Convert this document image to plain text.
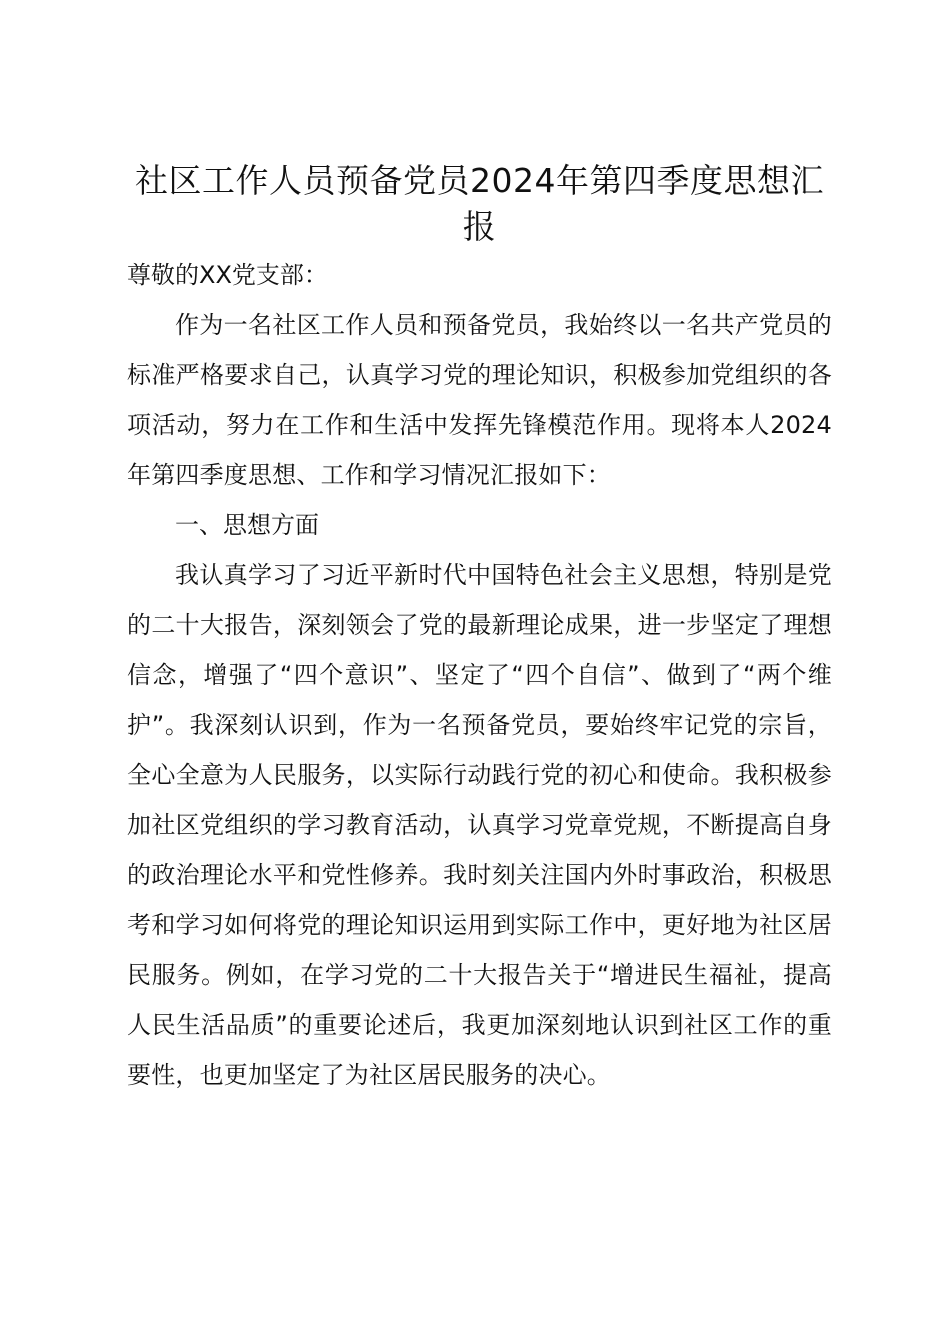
社区工作人员预备党员2024年第四季度思想汇报

尊敬的XX党支部：

作为一名社区工作人员和预备党员，我始终以一名共产党员的标准严格要求自己，认真学习党的理论知识，积极参加党组织的各项活动，努力在工作和生活中发挥先锋模范作用。现将本人2024年第四季度思想、工作和学习情况汇报如下：

一、思想方面

我认真学习了习近平新时代中国特色社会主义思想，特别是党的二十大报告，深刻领会了党的最新理论成果，进一步坚定了理想信念，增强了“四个意识”、坚定了“四个自信”、做到了“两个维护”。我深刻认识到，作为一名预备党员，要始终牢记党的宗旨，全心全意为人民服务，以实际行动践行党的初心和使命。我积极参加社区党组织的学习教育活动，认真学习党章党规，不断提高自身的政治理论水平和党性修养。我时刻关注国内外时事政治，积极思考和学习如何将党的理论知识运用到实际工作中，更好地为社区居民服务。例如，在学习党的二十大报告关于“增进民生福祉，提高人民生活品质”的重要论述后，我更加深刻地认识到社区工作的重要性，也更加坚定了为社区居民服务的决心。
